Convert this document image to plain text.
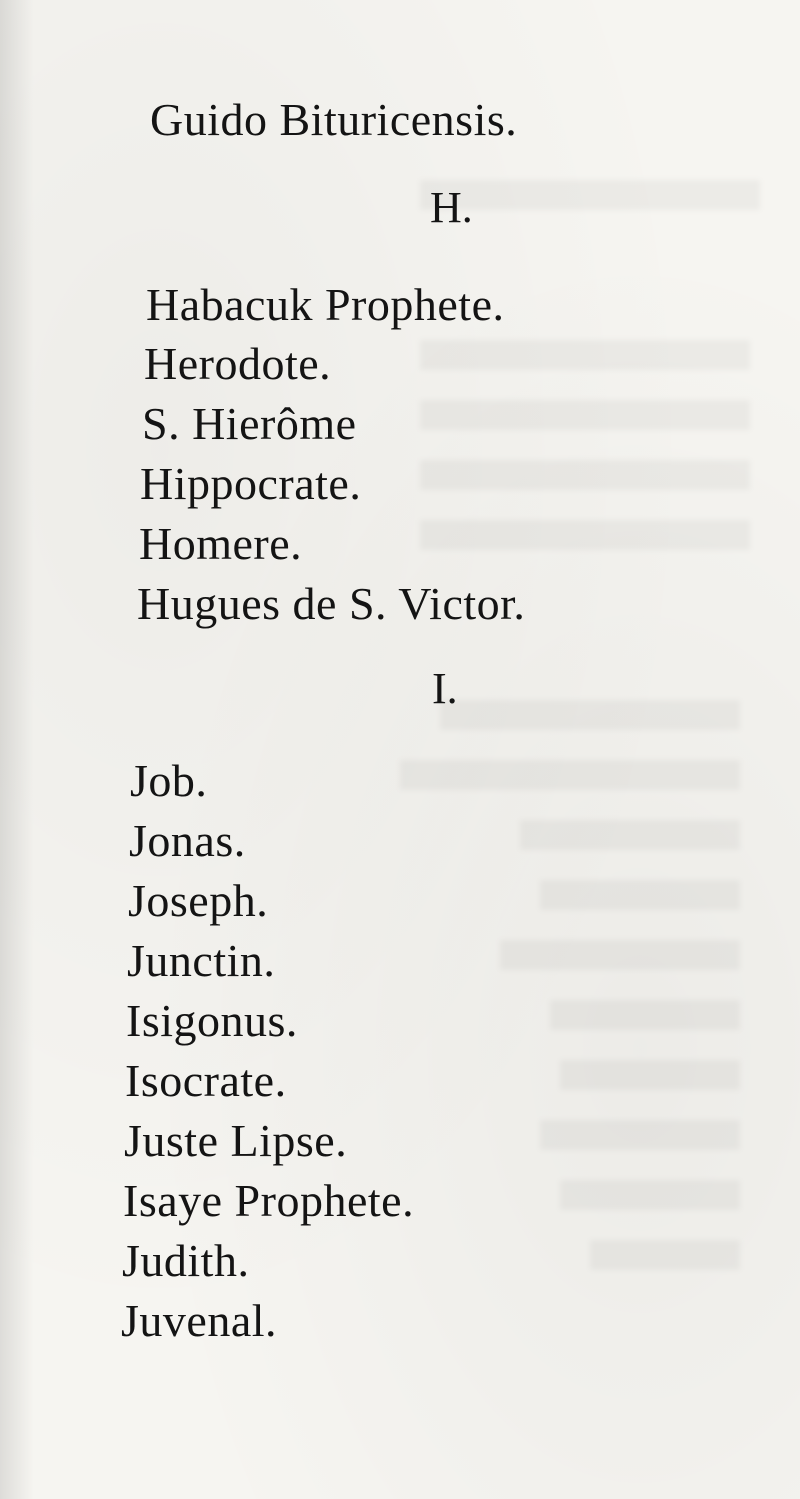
Guido Bituricensis.
H.
Habacuk Prophete.
Herodote.
S. Hierôme
Hippocrate.
Homere.
Hugues de S. Victor.
I.
Job.
Jonas.
Joseph.
Junctin.
Isigonus.
Isocrate.
Juste Lipse.
Isaye Prophete.
Judith.
Juvenal.
